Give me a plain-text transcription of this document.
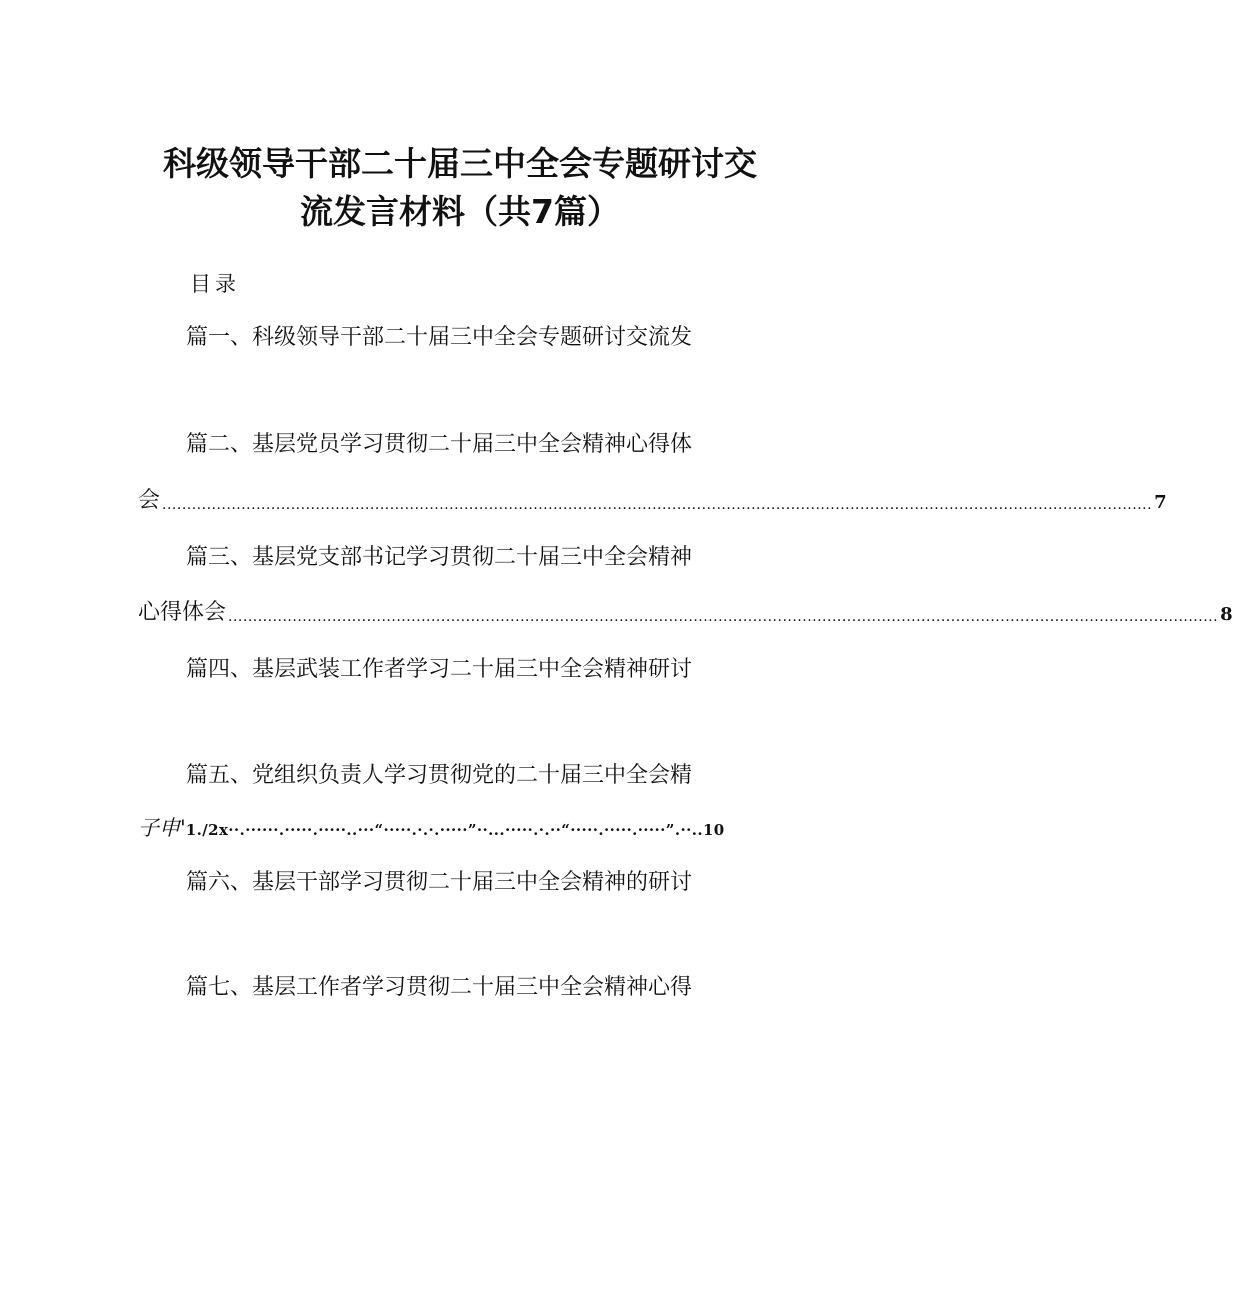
科级领导干部二十届三中全会专题研讨交
流发言材料（共7篇）
目录
篇一、科级领导干部二十届三中全会专题研讨交流发
篇二、基层党员学习贯彻二十届三中全会精神心得体
会 ........................................................................................................................................................................................................ 7
篇三、基层党支部书记学习贯彻二十届三中全会精神
心得体会 ........................................................................................................................................................................................................ 8
篇四、基层武装工作者学习二十届三中全会精神研讨
篇五、党组织负责人学习贯彻党的二十届三中全会精
子申' 1./2x··.······.·····.·····..···“·····.·.·.·····”··...·····.·.··“·····.·····.·····”.··..10
篇六、基层干部学习贯彻二十届三中全会精神的研讨
篇七、基层工作者学习贯彻二十届三中全会精神心得
